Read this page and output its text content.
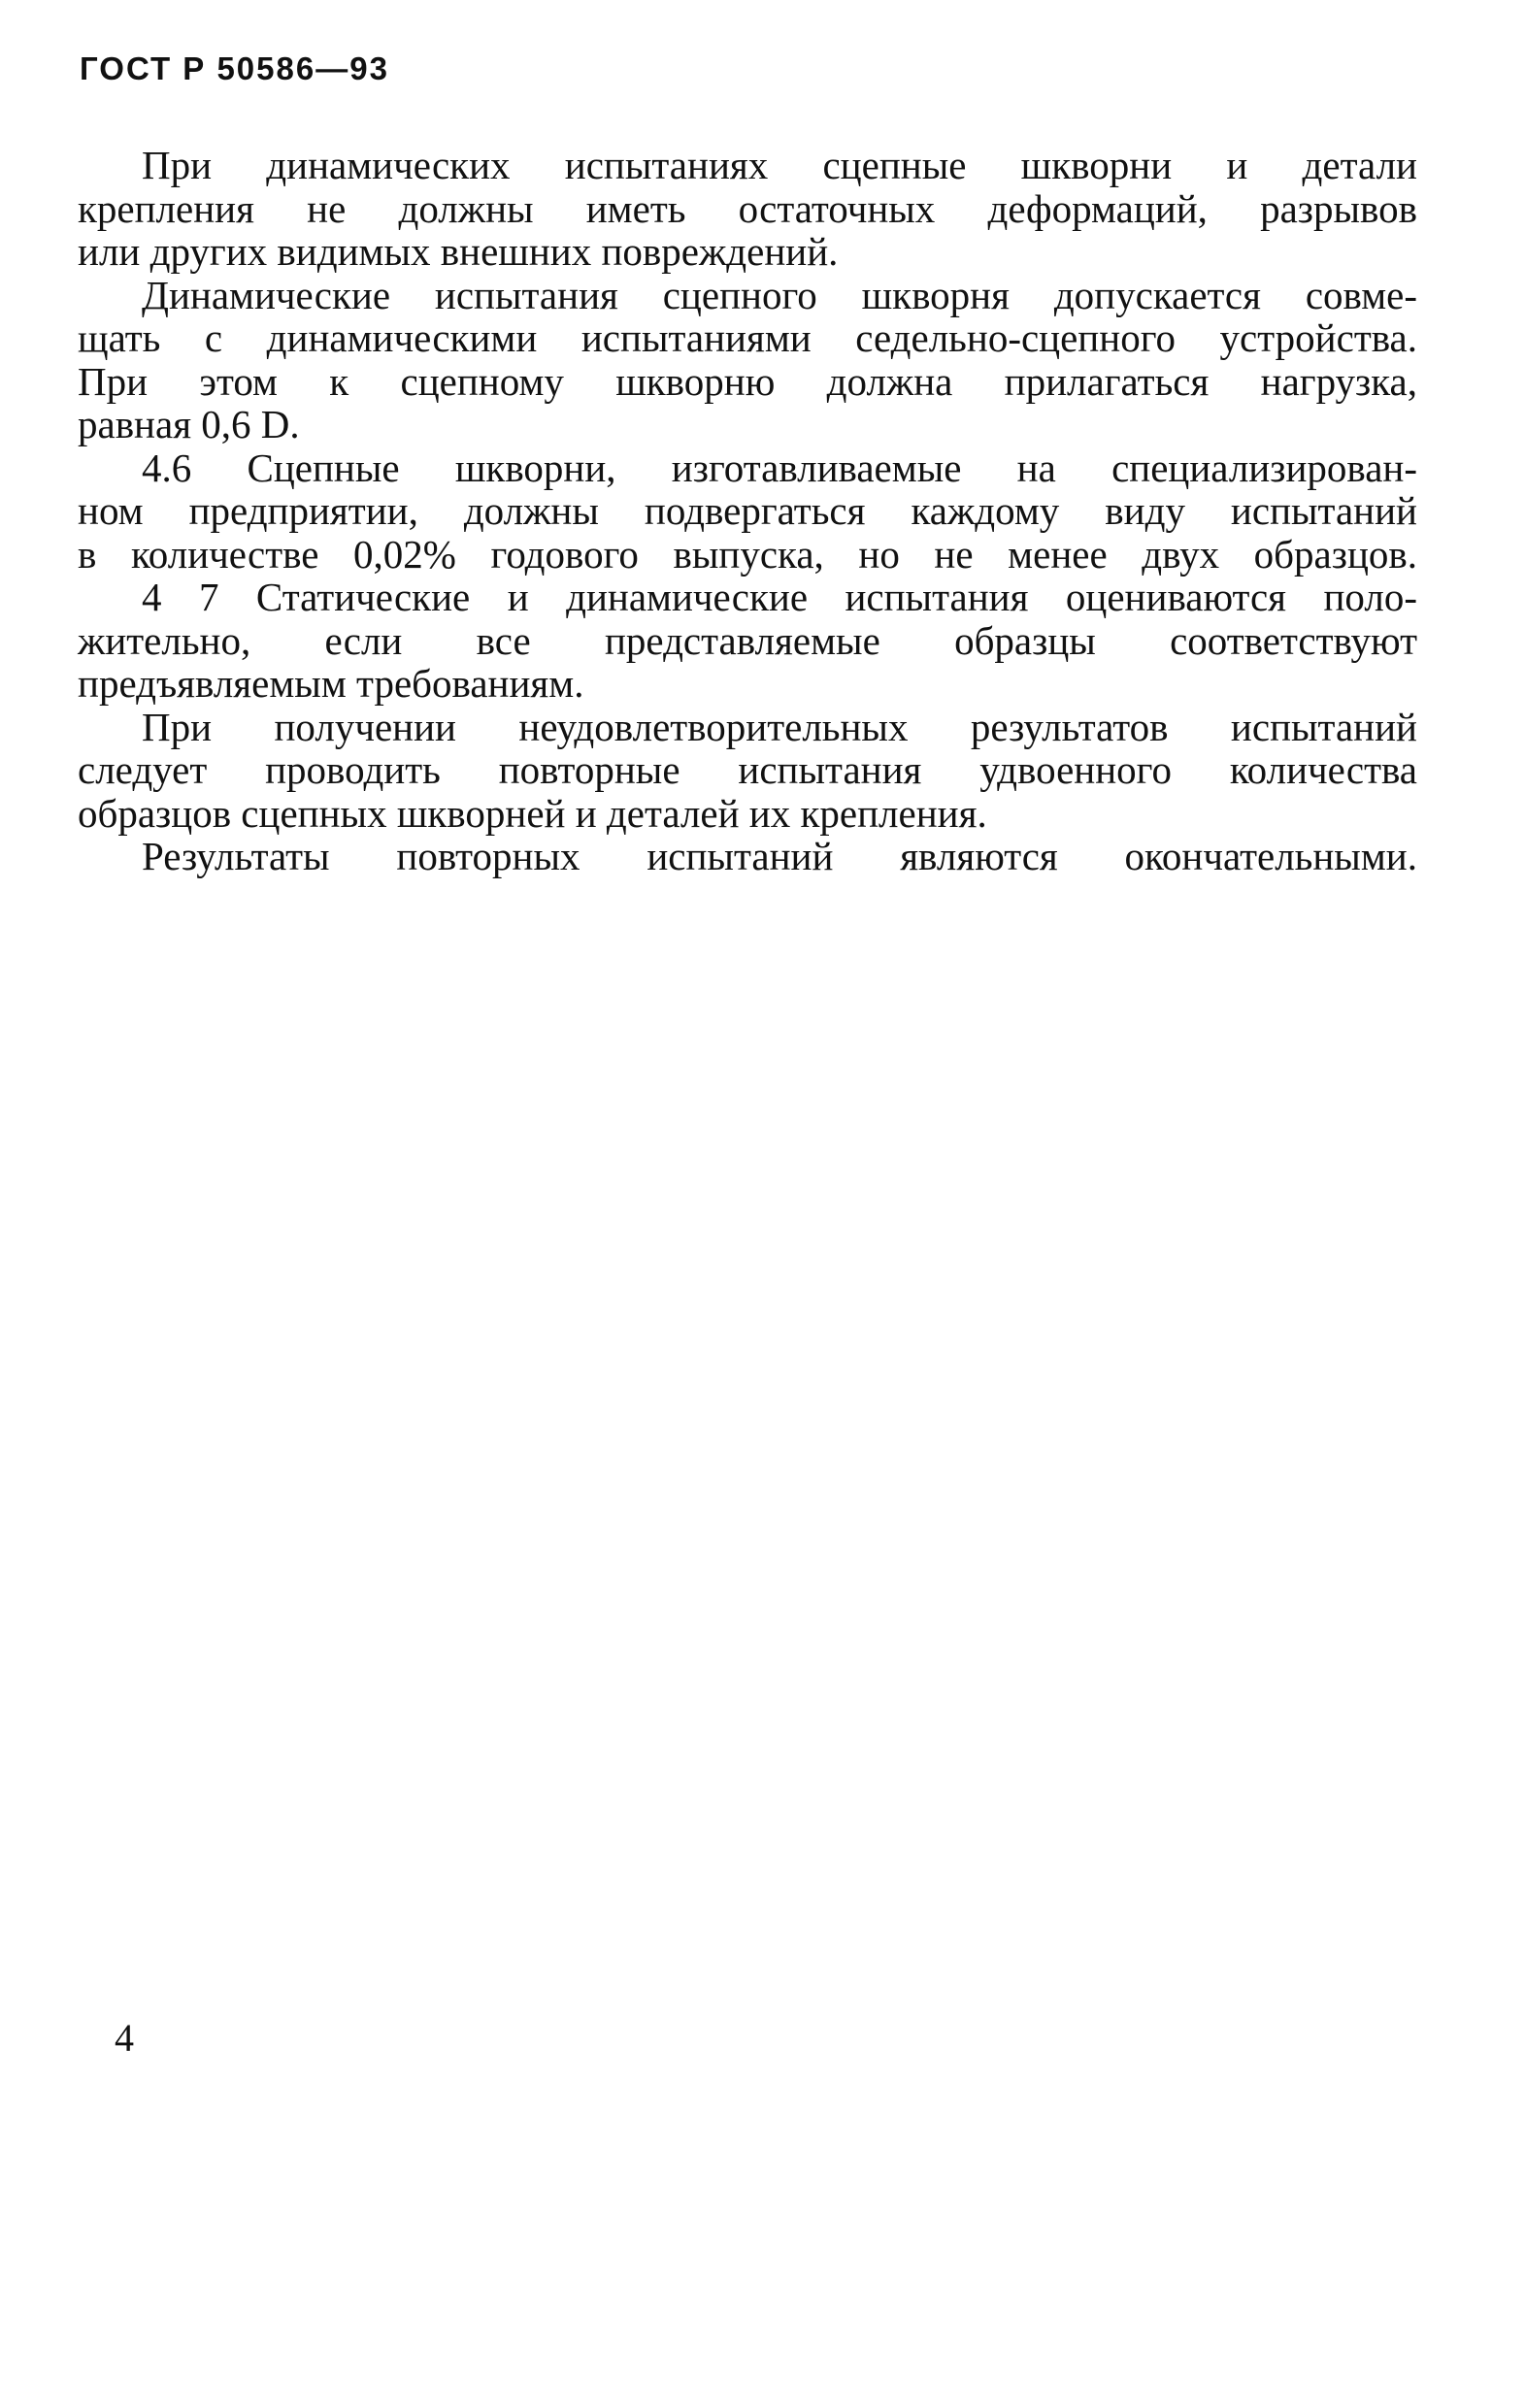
ГОСТ Р 50586—93
При динамических испытаниях сцепные шкворни и детали
крепления не должны иметь остаточных деформаций, разрывов
или других видимых внешних повреждений.
Динамические испытания сцепного шкворня допускается совме-
щать с динамическими испытаниями седельно-сцепного устройства.
При этом к сцепному шкворню должна прилагаться нагрузка,
равная 0,6 D.
4.6 Сцепные шкворни, изготавливаемые на специализирован-
ном предприятии, должны подвергаться каждому виду испытаний
в количестве 0,02% годового выпуска, но не менее двух образцов.
4 7 Статические и динамические испытания оцениваются поло-
жительно, если все представляемые образцы соответствуют
предъявляемым требованиям.
При получении неудовлетворительных результатов испытаний
следует проводить повторные испытания удвоенного количества
образцов сцепных шкворней и деталей их крепления.
Результаты повторных испытаний являются окончательными.
4
